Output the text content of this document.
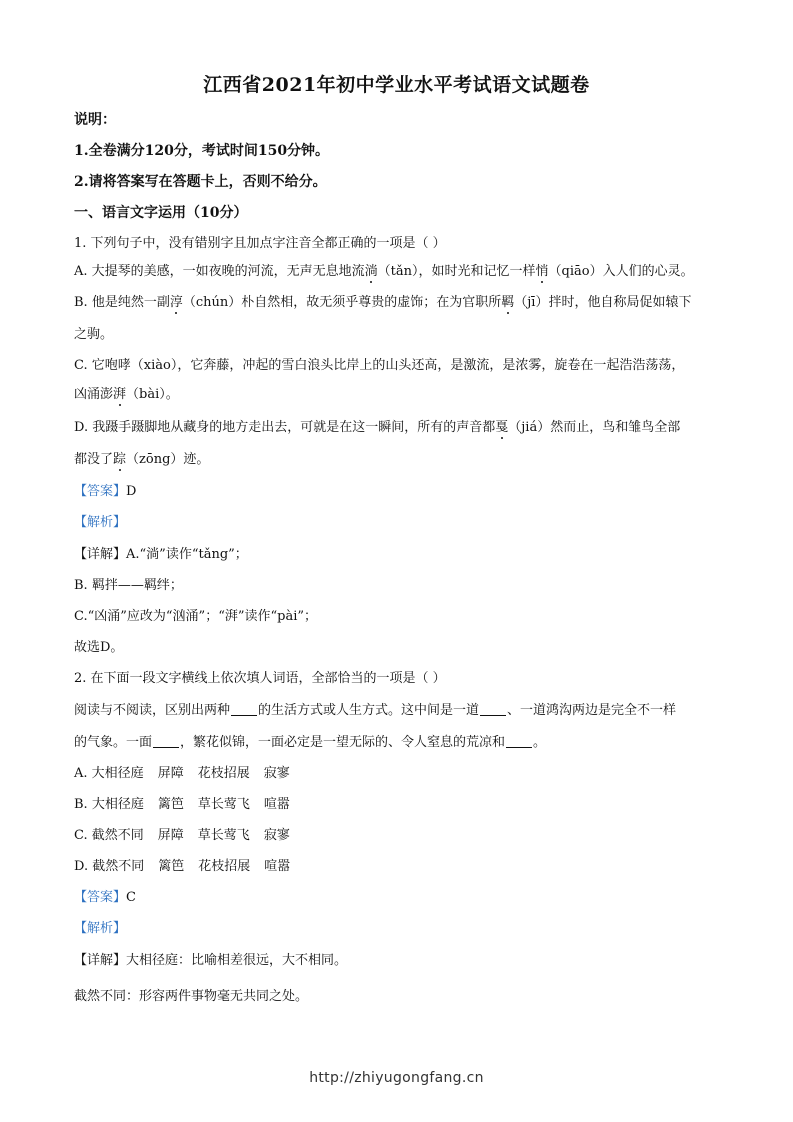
江西省2021年初中学业水平考试语文试题卷
说明：
1.全卷满分120分，考试时间150分钟。
2.请将答案写在答题卡上，否则不给分。
一、语言文字运用（10分）
1. 下列句子中，没有错别字且加点字注音全都正确的一项是（ ）
A. 大提琴的美感，一如夜晚的河流，无声无息地流淌（tǎn），如时光和记忆一样悄（qiāo）入人们的心灵。
B. 他是纯然一副淳（chún）朴自然相，故无须乎尊贵的虚饰；在为官职所羁（jī）拌时，他自称局促如辕下
之驹。
C. 它咆哮（xiào），它奔藤，冲起的雪白浪头比岸上的山头还高，是激流，是浓雾，旋卷在一起浩浩荡荡，
凶涌澎湃（bài）。
D. 我蹑手蹑脚地从藏身的地方走出去，可就是在这一瞬间，所有的声音都戛（jiá）然而止，鸟和雏鸟全部
都没了踪（zōng）迹。
【答案】D
【解析】
【详解】A.“淌”读作“tǎng”；
B. 羁拌——羁绊；
C.“凶涌”应改为“汹涌”；“湃”读作“pài”；
故选D。
2. 在下面一段文字横线上依次填人词语，全部恰当的一项是（ ）
阅读与不阅读，区别出两种 的生活方式或人生方式。这中间是一道 、一道鸿沟两边是完全不一样
的气象。一面 ，繁花似锦，一面必定是一望无际的、令人窒息的荒凉和 。
A. 大相径庭 屏障 花枝招展 寂寥
B. 大相径庭 篱笆 草长莺飞 喧嚣
C. 截然不同 屏障 草长莺飞 寂寥
D. 截然不同 篱笆 花枝招展 喧嚣
【答案】C
【解析】
【详解】大相径庭：比喻相差很远，大不相同。
截然不同：形容两件事物毫无共同之处。
http://zhiyugongfang.cn
